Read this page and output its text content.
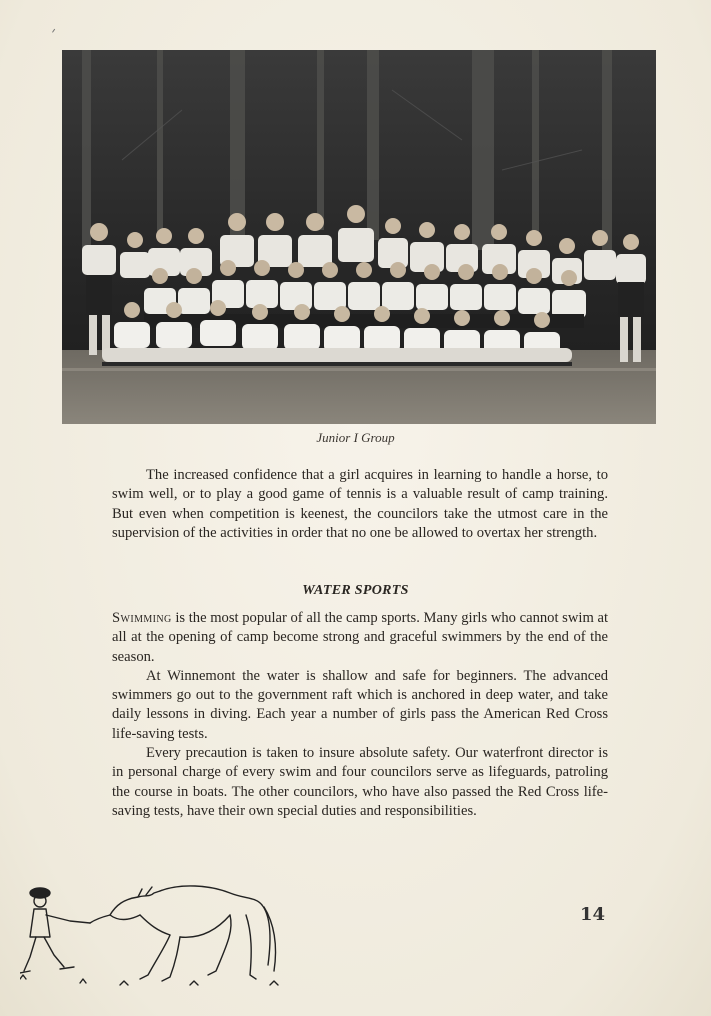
Junior I Group

The increased confidence that a girl acquires in learning to handle a horse, to swim well, or to play a good game of tennis is a valuable result of camp training. But even when competition is keenest, the councilors take the utmost care in the supervision of the activities in order that no one be allowed to overtax her strength.

WATER SPORTS

Swimming is the most popular of all the camp sports. Many girls who cannot swim at all at the opening of camp become strong and graceful swimmers by the end of the season.

At Winnemont the water is shallow and safe for beginners. The advanced swimmers go out to the government raft which is anchored in deep water, and take daily lessons in diving. Each year a number of girls pass the American Red Cross life-saving tests.

Every precaution is taken to insure absolute safety. Our waterfront director is in personal charge of every swim and four councilors serve as lifeguards, patroling the course in boats. The other councilors, who have also passed the Red Cross life-saving tests, have their own special duties and responsibilities.

14
